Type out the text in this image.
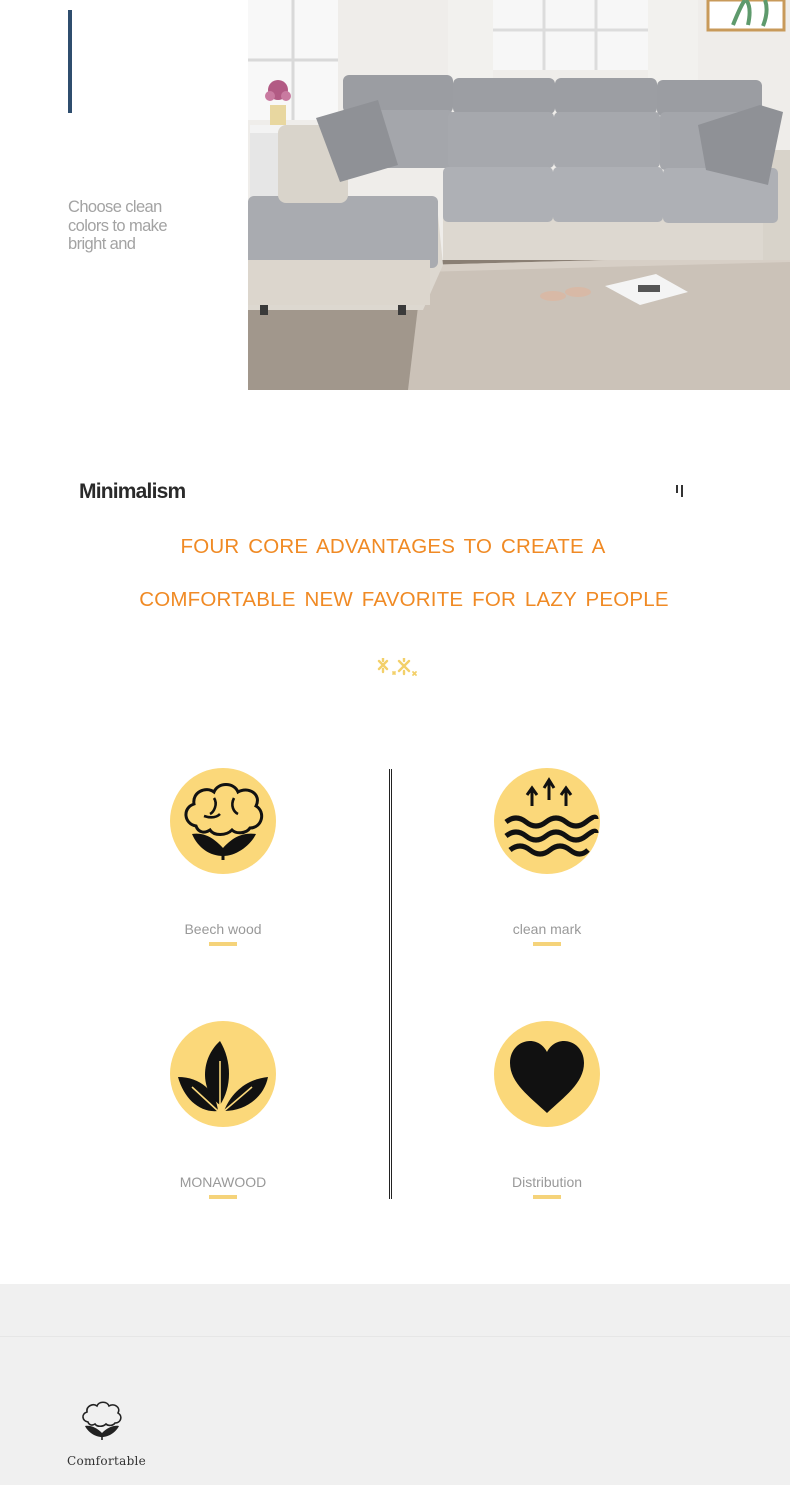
Choose clean colors to make bright and
Minimalism
FOUR CORE ADVANTAGES TO CREATE A
COMFORTABLE NEW FAVORITE FOR LAZY PEOPLE
Beech wood	clean mark
MONAWOOD	Distribution
Comfortable
